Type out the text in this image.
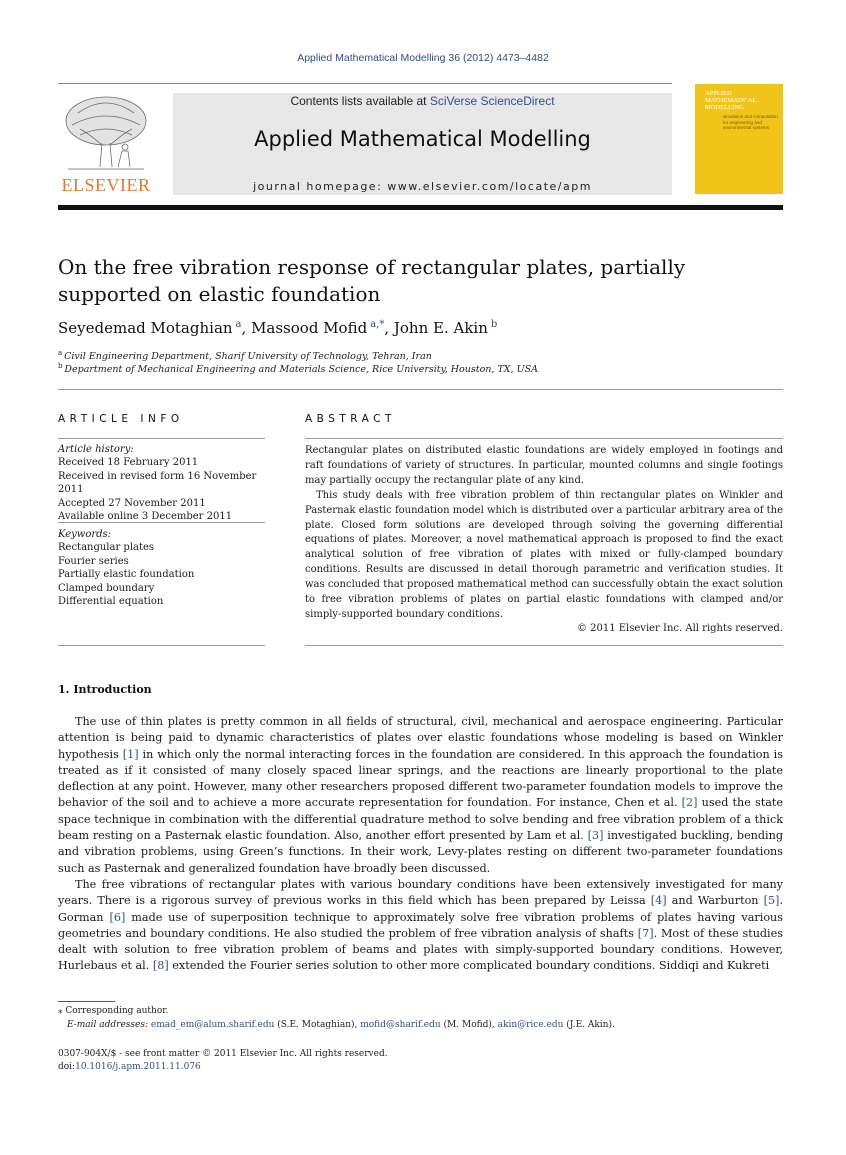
Applied Mathematical Modelling 36 (2012) 4473–4482
ELSEVIER
Contents lists available at SciVerse ScienceDirect
Applied Mathematical Modelling
journal homepage: www.elsevier.com/locate/apm
APPLIED MATHEMATICAL MODELLING
simulation and computation for engineering and environmental systems
On the free vibration response of rectangular plates, partially supported on elastic foundation
Seyedemad Motaghian  $^a$, Massood Mofid  $^{a,*}$, John E. Akin  $^b$
$^a$  Civil Engineering Department, Sharif University of Technology, Tehran, Iran
$^b$  Department of Mechanical Engineering and Materials Science, Rice University, Houston, TX, USA
ARTICLE INFO	ABSTRACT
Article history:
Received 18 February 2011
Received in revised form 16 November 2011
Accepted 27 November 2011
Available online 3 December 2011
Keywords:
Rectangular plates
Fourier series
Partially elastic foundation
Clamped boundary
Differential equation

Rectangular plates on distributed elastic foundations are widely employed in footings and raft foundations of variety of structures. In particular, mounted columns and single footings may partially occupy the rectangular plate of any kind.

This study deals with free vibration problem of thin rectangular plates on Winkler and Pasternak elastic foundation model which is distributed over a particular arbitrary area of the plate. Closed form solutions are developed through solving the governing differential equations of plates. Moreover, a novel mathematical approach is proposed to find the exact analytical solution of free vibration of plates with mixed or fully-clamped boundary conditions. Results are discussed in detail thorough parametric and verification studies. It was concluded that proposed mathematical method can successfully obtain the exact solution to free vibration problems of plates on partial elastic foundations with clamped and/or simply-supported boundary conditions.

© 2011 Elsevier Inc. All rights reserved.
1. Introduction

The use of thin plates is pretty common in all fields of structural, civil, mechanical and aerospace engineering. Particular attention is being paid to dynamic characteristics of plates over elastic foundations whose modeling is based on Winkler hypothesis [1] in which only the normal interacting forces in the foundation are considered. In this approach the foundation is treated as if it consisted of many closely spaced linear springs, and the reactions are linearly proportional to the plate deflection at any point. However, many other researchers proposed different two-parameter foundation models to improve the behavior of the soil and to achieve a more accurate representation for foundation. For instance, Chen et al. [2] used the state space technique in combination with the differential quadrature method to solve bending and free vibration problem of a thick beam resting on a Pasternak elastic foundation. Also, another effort presented by Lam et al. [3] investigated buckling, bending and vibration problems, using Green’s functions. In their work, Levy-plates resting on different two-parameter foundations such as Pasternak and generalized foundation have broadly been discussed.

The free vibrations of rectangular plates with various boundary conditions have been extensively investigated for many years. There is a rigorous survey of previous works in this field which has been prepared by Leissa [4] and Warburton [5]. Gorman [6] made use of superposition technique to approximately solve free vibration problems of plates having various geometries and boundary conditions. He also studied the problem of free vibration analysis of shafts [7]. Most of these studies dealt with solution to free vibration problem of beams and plates with simply-supported boundary conditions. However, Hurlebaus et al. [8] extended the Fourier series solution to other more complicated boundary conditions. Siddiqi and Kukreti

⁎ Corresponding author.
 E-mail addresses: emad_em@alum.sharif.edu (S.E. Motaghian), mofid@sharif.edu (M. Mofid), akin@rice.edu (J.E. Akin).
0307-904X/$ - see front matter © 2011 Elsevier Inc. All rights reserved.
doi:10.1016/j.apm.2011.11.076
